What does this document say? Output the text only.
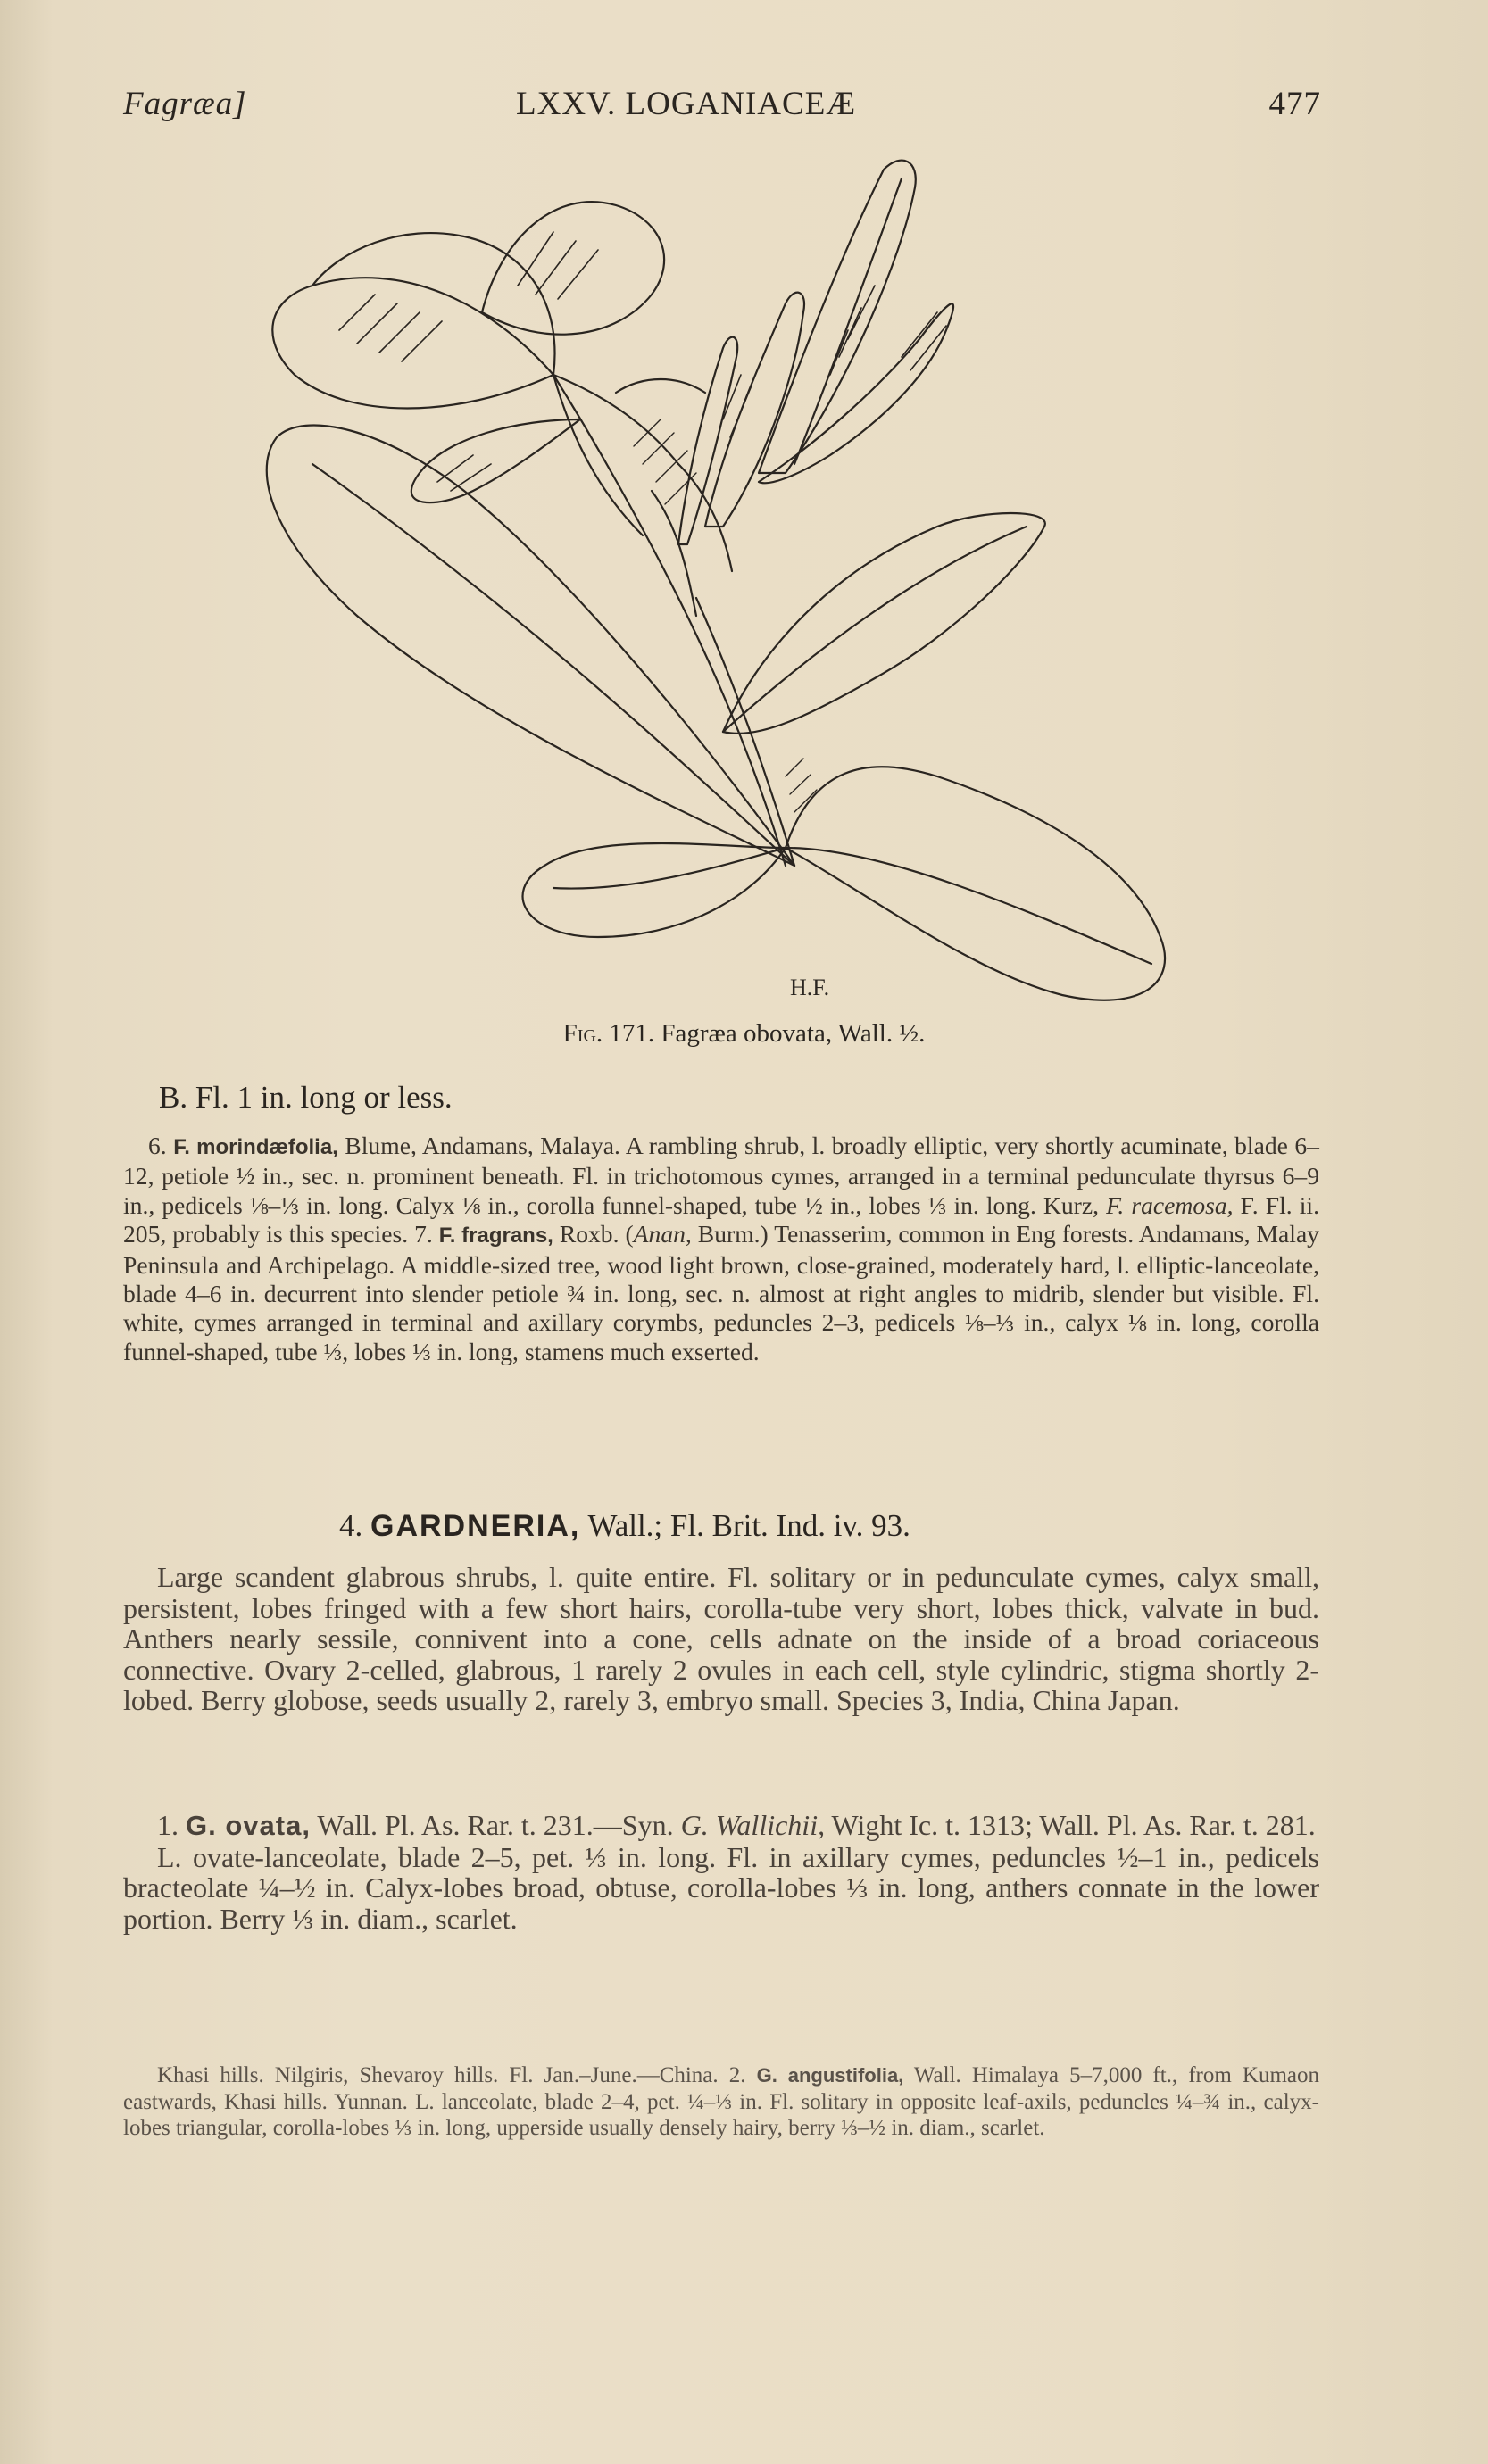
Fagræa]	LXXV. LOGANIACEÆ	477
H.F.
Fig. 171. Fagræa obovata, Wall. ½.
B. Fl. 1 in. long or less.
6. F. morindæfolia, Blume, Andamans, Malaya. A rambling shrub, l. broadly elliptic, very shortly acuminate, blade 6–12, petiole ½ in., sec. n. prominent beneath. Fl. in trichotomous cymes, arranged in a terminal pedunculate thyrsus 6–9 in., pedicels ⅛–⅓ in. long. Calyx ⅛ in., corolla funnel-shaped, tube ½ in., lobes ⅓ in. long. Kurz, F. racemosa, F. Fl. ii. 205, probably is this species. 7. F. fragrans, Roxb. (Anan, Burm.) Tenasserim, common in Eng forests. Andamans, Malay Peninsula and Archipelago. A middle-sized tree, wood light brown, close-grained, moderately hard, l. elliptic-lanceolate, blade 4–6 in. decurrent into slender petiole ¾ in. long, sec. n. almost at right angles to midrib, slender but visible. Fl. white, cymes arranged in terminal and axillary corymbs, peduncles 2–3, pedicels ⅛–⅓ in., calyx ⅛ in. long, corolla funnel-shaped, tube ⅓, lobes ⅓ in. long, stamens much exserted.
4. GARDNERIA, Wall.; Fl. Brit. Ind. iv. 93.
Large scandent glabrous shrubs, l. quite entire. Fl. solitary or in pedunculate cymes, calyx small, persistent, lobes fringed with a few short hairs, corolla-tube very short, lobes thick, valvate in bud. Anthers nearly sessile, connivent into a cone, cells adnate on the inside of a broad coriaceous connective. Ovary 2-celled, glabrous, 1 rarely 2 ovules in each cell, style cylindric, stigma shortly 2-lobed. Berry globose, seeds usually 2, rarely 3, embryo small. Species 3, India, China Japan.
1. G. ovata, Wall. Pl. As. Rar. t. 231.—Syn. G. Wallichii, Wight Ic. t. 1313; Wall. Pl. As. Rar. t. 281.
L. ovate-lanceolate, blade 2–5, pet. ⅓ in. long. Fl. in axillary cymes, peduncles ½–1 in., pedicels bracteolate ¼–½ in. Calyx-lobes broad, obtuse, corolla-lobes ⅓ in. long, anthers connate in the lower portion. Berry ⅓ in. diam., scarlet.
Khasi hills. Nilgiris, Shevaroy hills. Fl. Jan.–June.—China. 2. G. angustifolia, Wall. Himalaya 5–7,000 ft., from Kumaon eastwards, Khasi hills. Yunnan. L. lanceolate, blade 2–4, pet. ¼–⅓ in. Fl. solitary in opposite leaf-axils, peduncles ¼–¾ in., calyx-lobes triangular, corolla-lobes ⅓ in. long, upperside usually densely hairy, berry ⅓–½ in. diam., scarlet.
